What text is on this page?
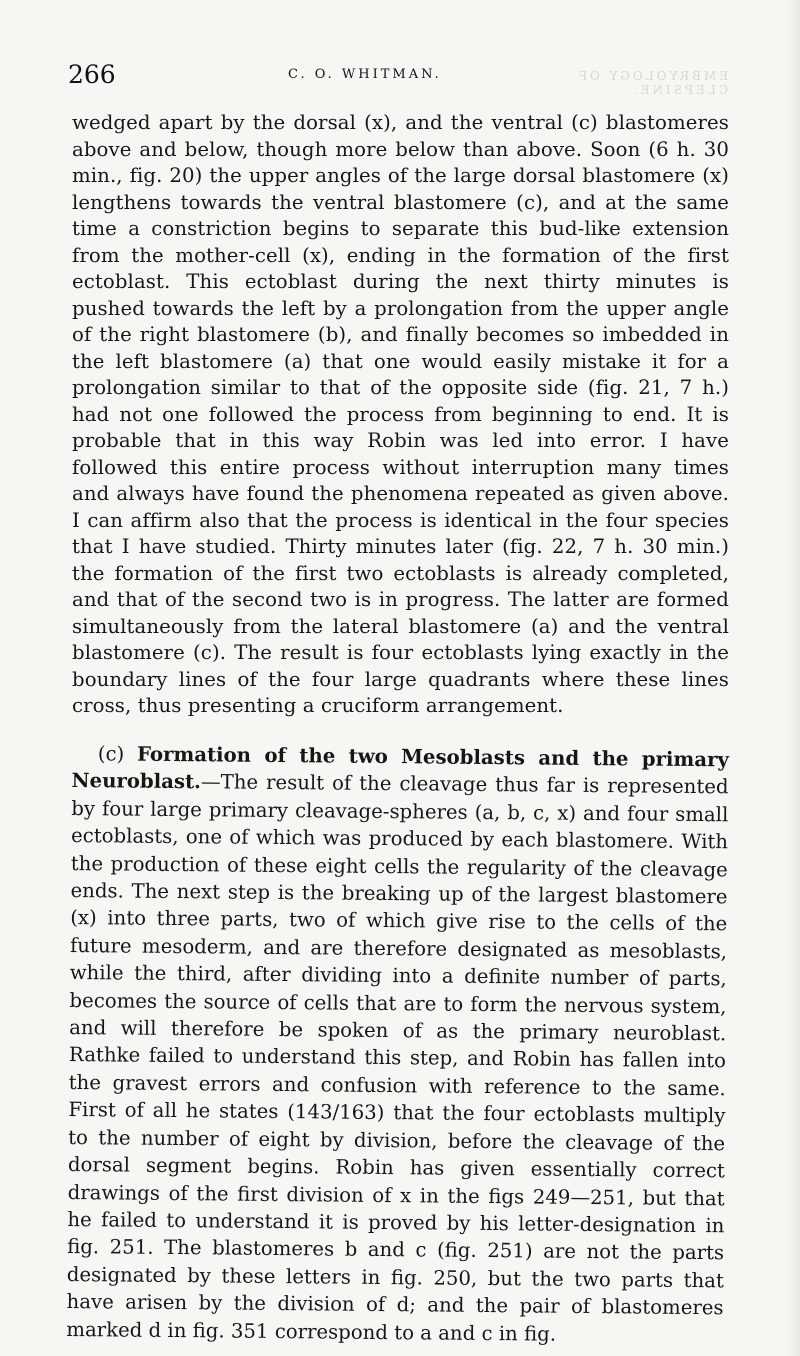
266	C. O. WHITMAN.	EMBRYOLOGY OF CLEPSINE.

wedged apart by the dorsal (x), and the ventral (c) blastomeres above and below, though more below than above. Soon (6 h. 30 min., fig. 20) the upper angles of the large dorsal blastomere (x) lengthens towards the ventral blastomere (c), and at the same time a constriction begins to separate this bud-like extension from the mother-cell (x), ending in the formation of the first ectoblast. This ectoblast during the next thirty minutes is pushed towards the left by a prolongation from the upper angle of the right blastomere (b), and finally becomes so imbedded in the left blastomere (a) that one would easily mistake it for a prolongation similar to that of the opposite side (fig. 21, 7 h.) had not one followed the process from beginning to end. It is probable that in this way Robin was led into error. I have followed this entire process without interruption many times and always have found the phenomena repeated as given above. I can affirm also that the process is identical in the four species that I have studied. Thirty minutes later (fig. 22, 7 h. 30 min.) the formation of the first two ectoblasts is already completed, and that of the second two is in progress. The latter are formed simultaneously from the lateral blastomere (a) and the ventral blastomere (c). The result is four ectoblasts lying exactly in the boundary lines of the four large quadrants where these lines cross, thus presenting a cruciform arrangement.

(c) Formation of the two Mesoblasts and the primary Neuroblast.—The result of the cleavage thus far is represented by four large primary cleavage-spheres (a, b, c, x) and four small ectoblasts, one of which was produced by each blastomere. With the production of these eight cells the regularity of the cleavage ends. The next step is the breaking up of the largest blastomere (x) into three parts, two of which give rise to the cells of the future mesoderm, and are therefore designated as mesoblasts, while the third, after dividing into a definite number of parts, becomes the source of cells that are to form the nervous system, and will therefore be spoken of as the primary neuroblast. Rathke failed to understand this step, and Robin has fallen into the gravest errors and confusion with reference to the same. First of all he states (143/163) that the four ectoblasts multiply to the number of eight by division, before the cleavage of the dorsal segment begins. Robin has given essentially correct drawings of the first division of x in the figs 249—251, but that he failed to understand it is proved by his letter-designation in fig. 251. The blastomeres b and c (fig. 251) are not the parts designated by these letters in fig. 250, but the two parts that have arisen by the division of d; and the pair of blastomeres marked d in fig. 351 correspond to a and c in fig.
